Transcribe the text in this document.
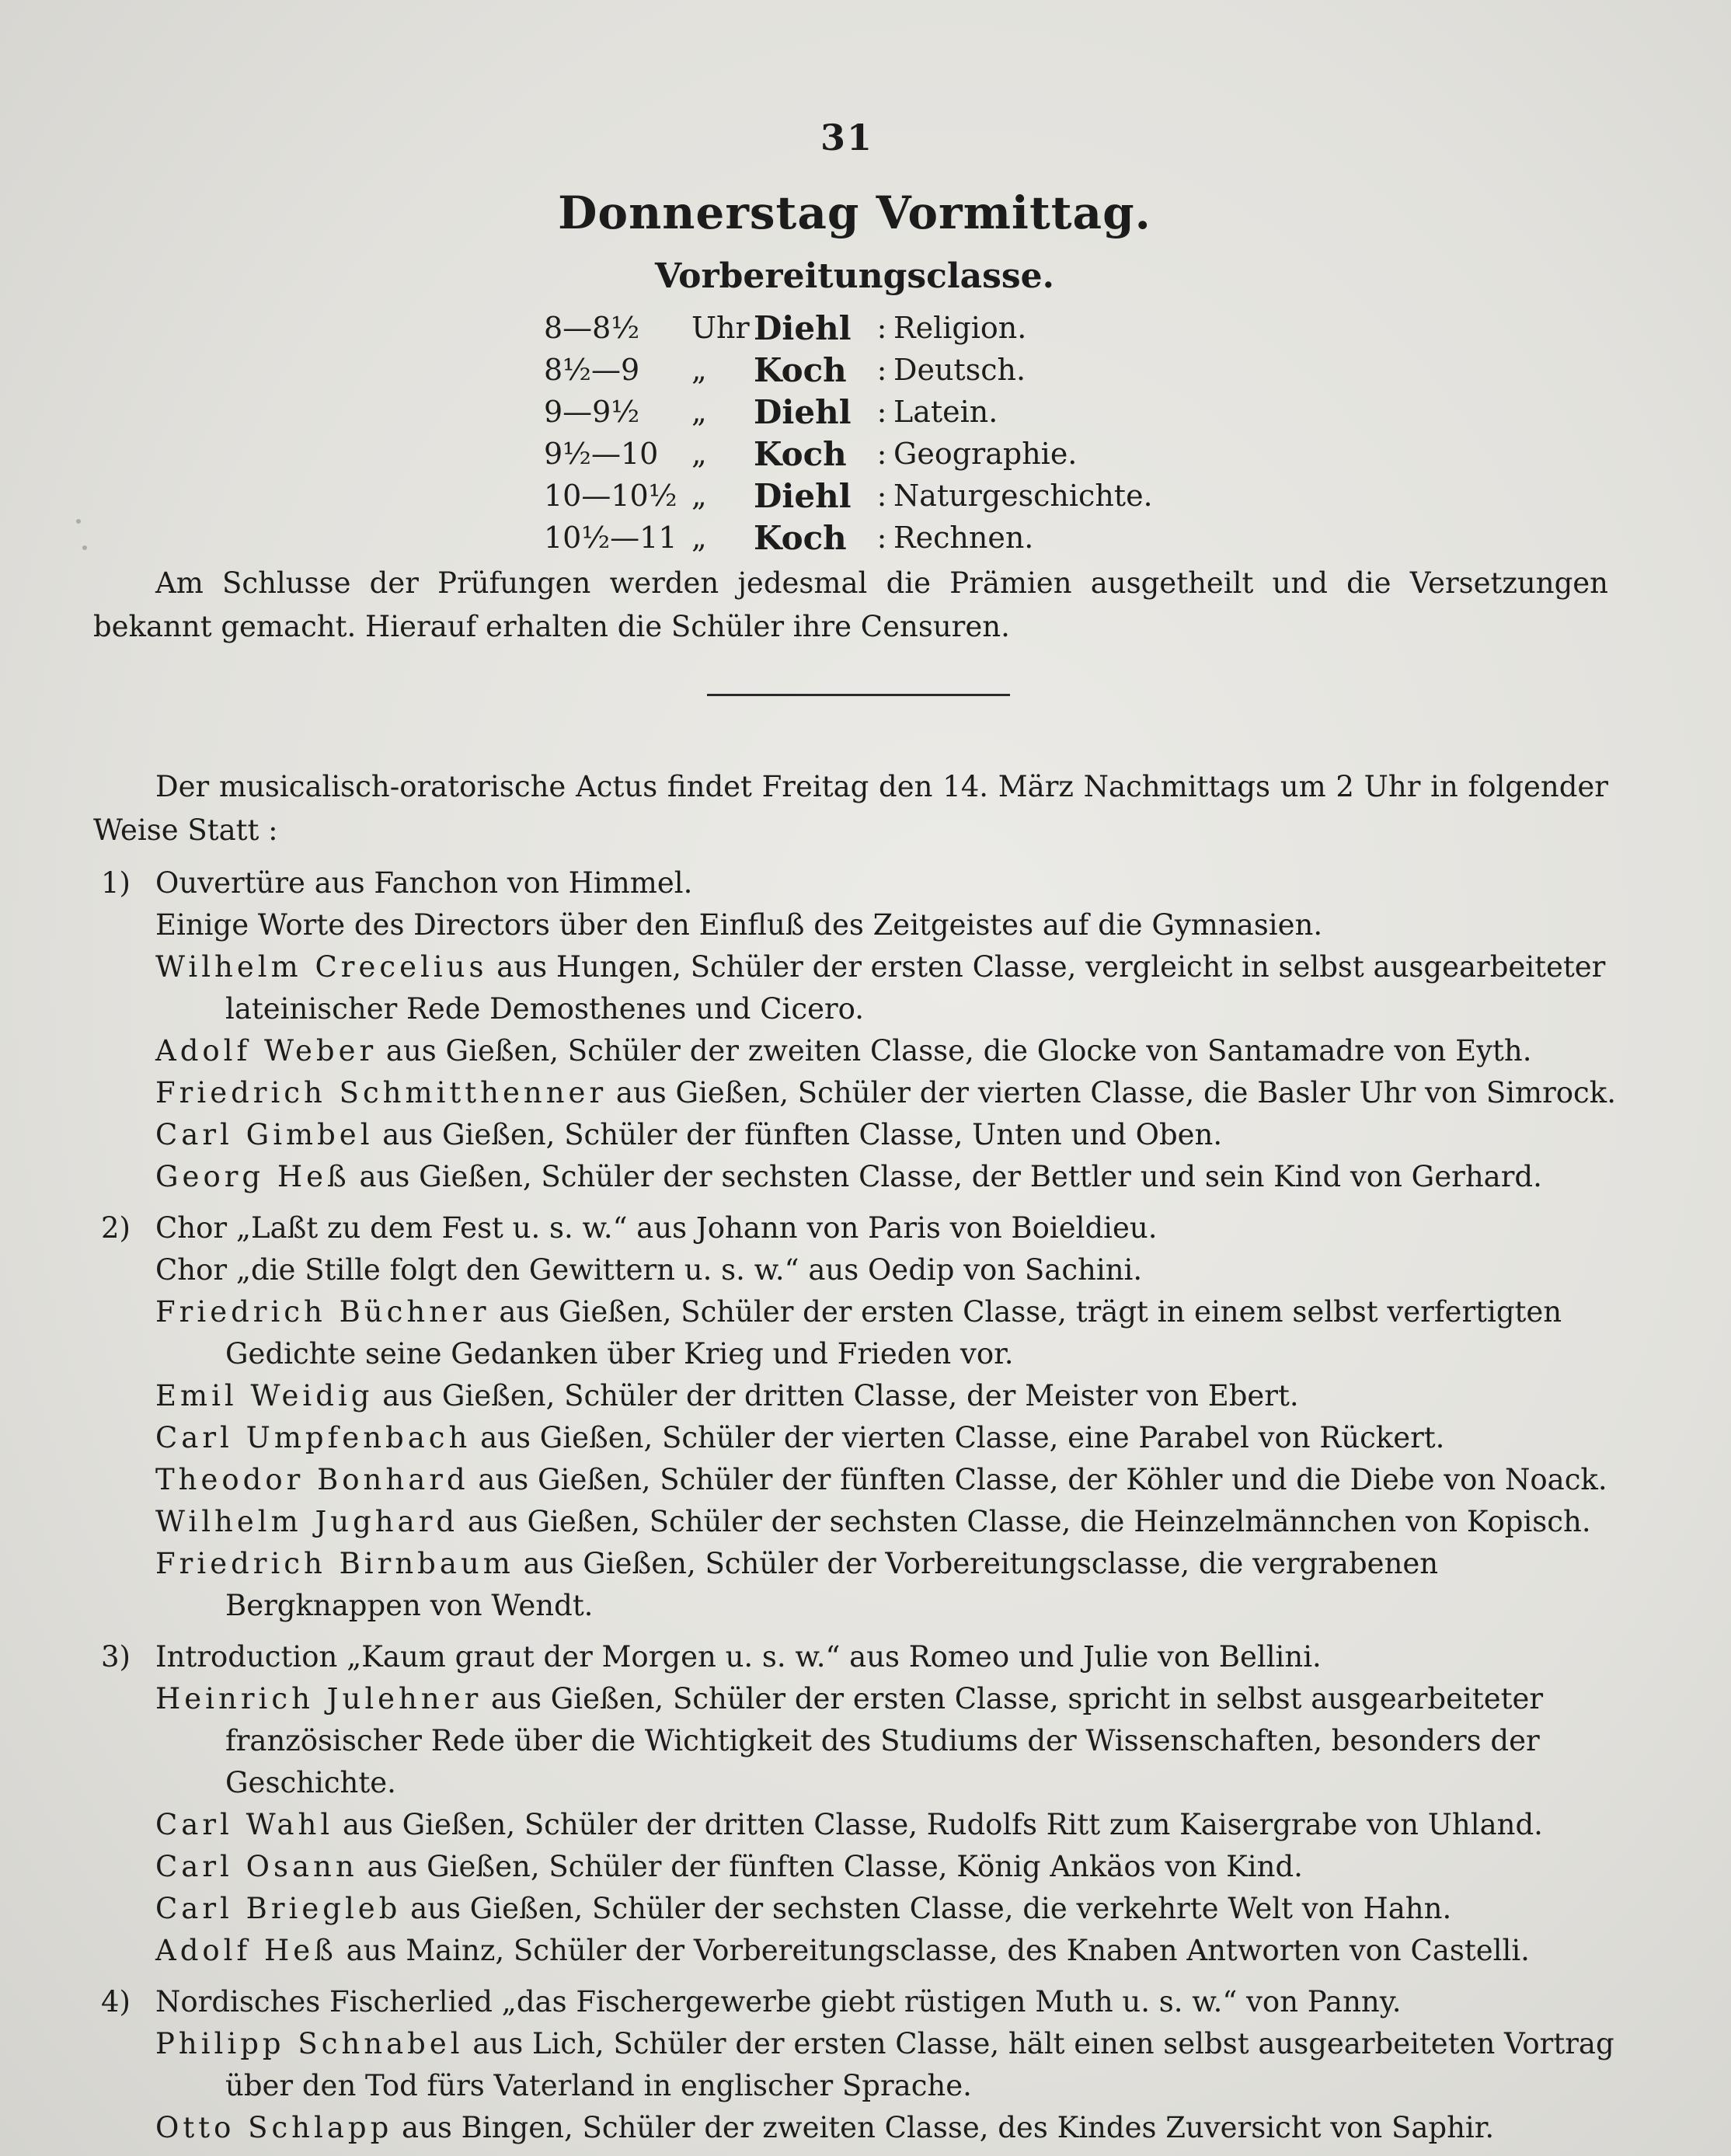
31
Donnerstag Vormittag.
Vorbereitungsclasse.
8—8½	Uhr Diehl : Religion.
8½—9	„	Koch	: Deutsch.
9—9½	„	Diehl : Latein.
9½—10	„	Koch	: Geographie.
10—10½ „	Diehl : Naturgeschichte.
10½—11 „	Koch	: Rechnen.
Am Schlusse der Prüfungen werden jedesmal die Prämien ausgetheilt und die Versetzungen bekannt gemacht. Hierauf erhalten die Schüler ihre Censuren.
Der musicalisch-oratorische Actus findet Freitag den 14. März Nachmittags um 2 Uhr in folgender Weise Statt :
1) Ouvertüre aus Fanchon von Himmel.
Einige Worte des Directors über den Einfluß des Zeitgeistes auf die Gymnasien.
Wilhelm Crecelius aus Hungen, Schüler der ersten Classe, vergleicht in selbst ausgearbeiteter lateinischer Rede Demosthenes und Cicero.
Adolf Weber aus Gießen, Schüler der zweiten Classe, die Glocke von Santamadre von Eyth.
Friedrich Schmitthenner aus Gießen, Schüler der vierten Classe, die Basler Uhr von Simrock.
Carl Gimbel aus Gießen, Schüler der fünften Classe, Unten und Oben.
Georg Heß aus Gießen, Schüler der sechsten Classe, der Bettler und sein Kind von Gerhard.
2) Chor „Laßt zu dem Fest u. s. w.“ aus Johann von Paris von Boieldieu.
Chor „die Stille folgt den Gewittern u. s. w.“ aus Oedip von Sachini.
Friedrich Büchner aus Gießen, Schüler der ersten Classe, trägt in einem selbst verfertigten Gedichte seine Gedanken über Krieg und Frieden vor.
Emil Weidig aus Gießen, Schüler der dritten Classe, der Meister von Ebert.
Carl Umpfenbach aus Gießen, Schüler der vierten Classe, eine Parabel von Rückert.
Theodor Bonhard aus Gießen, Schüler der fünften Classe, der Köhler und die Diebe von Noack.
Wilhelm Jughard aus Gießen, Schüler der sechsten Classe, die Heinzelmännchen von Kopisch.
Friedrich Birnbaum aus Gießen, Schüler der Vorbereitungsclasse, die vergrabenen Bergknappen von Wendt.
3) Introduction „Kaum graut der Morgen u. s. w.“ aus Romeo und Julie von Bellini.
Heinrich Julehner aus Gießen, Schüler der ersten Classe, spricht in selbst ausgearbeiteter französischer Rede über die Wichtigkeit des Studiums der Wissenschaften, besonders der Geschichte.
Carl Wahl aus Gießen, Schüler der dritten Classe, Rudolfs Ritt zum Kaisergrabe von Uhland.
Carl Osann aus Gießen, Schüler der fünften Classe, König Ankäos von Kind.
Carl Briegleb aus Gießen, Schüler der sechsten Classe, die verkehrte Welt von Hahn.
Adolf Heß aus Mainz, Schüler der Vorbereitungsclasse, des Knaben Antworten von Castelli.
4) Nordisches Fischerlied „das Fischergewerbe giebt rüstigen Muth u. s. w.“ von Panny.
Philipp Schnabel aus Lich, Schüler der ersten Classe, hält einen selbst ausgearbeiteten Vortrag über den Tod fürs Vaterland in englischer Sprache.
Otto Schlapp aus Bingen, Schüler der zweiten Classe, des Kindes Zuversicht von Saphir.
